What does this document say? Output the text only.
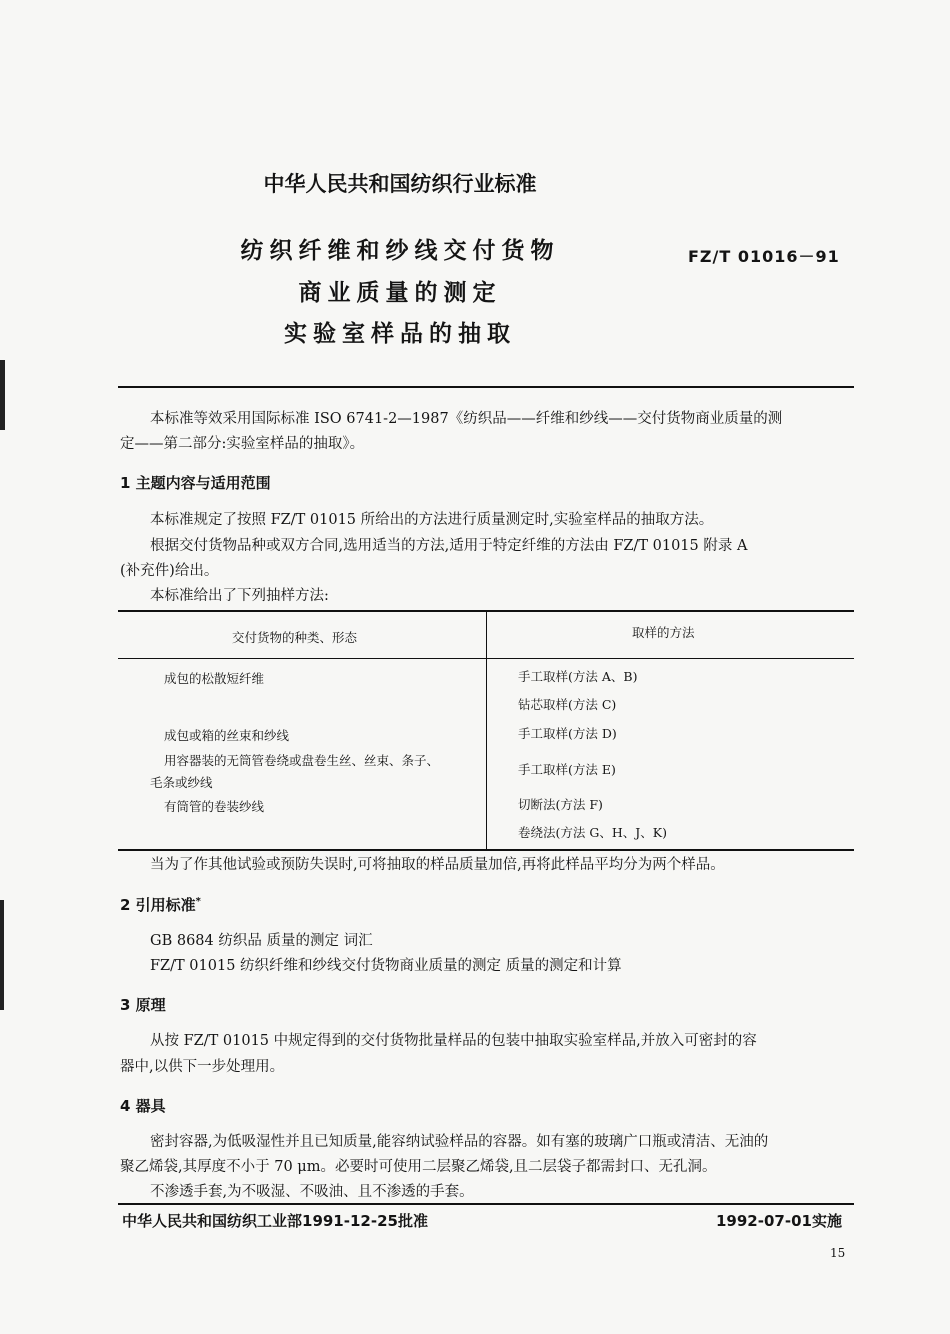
中华人民共和国纺织行业标准
纺织纤维和纱线交付货物
商业质量的测定
实验室样品的抽取
FZ/T 01016－91
本标准等效采用国际标准 ISO 6741-2—1987《纺织品——纤维和纱线——交付货物商业质量的测
定——第二部分:实验室样品的抽取》。
1 主题内容与适用范围
本标准规定了按照 FZ/T 01015 所给出的方法进行质量测定时,实验室样品的抽取方法。
根据交付货物品种或双方合同,选用适当的方法,适用于特定纤维的方法由 FZ/T 01015 附录 A
(补充件)给出。
本标准给出了下列抽样方法:
交付货物的种类、形态	取样的方法
成包的松散短纤维
成包或箱的丝束和纱线
用容器装的无筒管卷绕或盘卷生丝、丝束、条子、
毛条或纱线
有筒管的卷装纱线
手工取样(方法 A、B)
钻芯取样(方法 C)
手工取样(方法 D)
手工取样(方法 E)
切断法(方法 F)
卷绕法(方法 G、H、J、K)
当为了作其他试验或预防失误时,可将抽取的样品质量加倍,再将此样品平均分为两个样品。
2 引用标准*
GB 8684 纺织品 质量的测定 词汇
FZ/T 01015 纺织纤维和纱线交付货物商业质量的测定 质量的测定和计算
3 原理
从按 FZ/T 01015 中规定得到的交付货物批量样品的包装中抽取实验室样品,并放入可密封的容
器中,以供下一步处理用。
4 器具
密封容器,为低吸湿性并且已知质量,能容纳试验样品的容器。如有塞的玻璃广口瓶或清洁、无油的
聚乙烯袋,其厚度不小于 70 μm。必要时可使用二层聚乙烯袋,且二层袋子都需封口、无孔洞。
不渗透手套,为不吸湿、不吸油、且不渗透的手套。
中华人民共和国纺织工业部1991-12-25批准	1992-07-01实施
15
